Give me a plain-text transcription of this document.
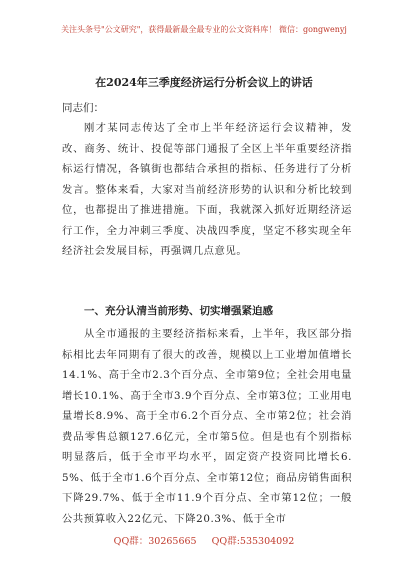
关注头条号"公文研究"，获得最新最全最专业的公文资料库！ 微信：gongwenyj
在2024年三季度经济运行分析会议上的讲话
同志们：

刚才某同志传达了全市上半年经济运行会议精神，发改、商务、统计、投促等部门通报了全区上半年重要经济指标运行情况，各镇街也都结合承担的指标、任务进行了分析发言。整体来看，大家对当前经济形势的认识和分析比较到位，也都提出了推进措施。下面，我就深入抓好近期经济运行工作，全力冲刺三季度、决战四季度，坚定不移实现全年经济社会发展目标，再强调几点意见。

一、充分认清当前形势、切实增强紧迫感

从全市通报的主要经济指标来看，上半年，我区部分指标相比去年同期有了很大的改善，规模以上工业增加值增长14.1%、高于全市2.3个百分点、全市第9位；全社会用电量增长10.1%、高于全市3.9个百分点、全市第3位；工业用电量增长8.9%、高于全市6.2个百分点、全市第2位；社会消费品零售总额127.6亿元，全市第5位。但是也有个别指标明显落后，低于全市平均水平，固定资产投资同比增长6.5%、低于全市1.6个百分点、全市第12位；商品房销售面积下降29.7%、低于全市11.9个百分点、全市第12位；一般公共预算收入22亿元、下降20.3%、低于全市

QQ群：30265665 QQ群:535304092
